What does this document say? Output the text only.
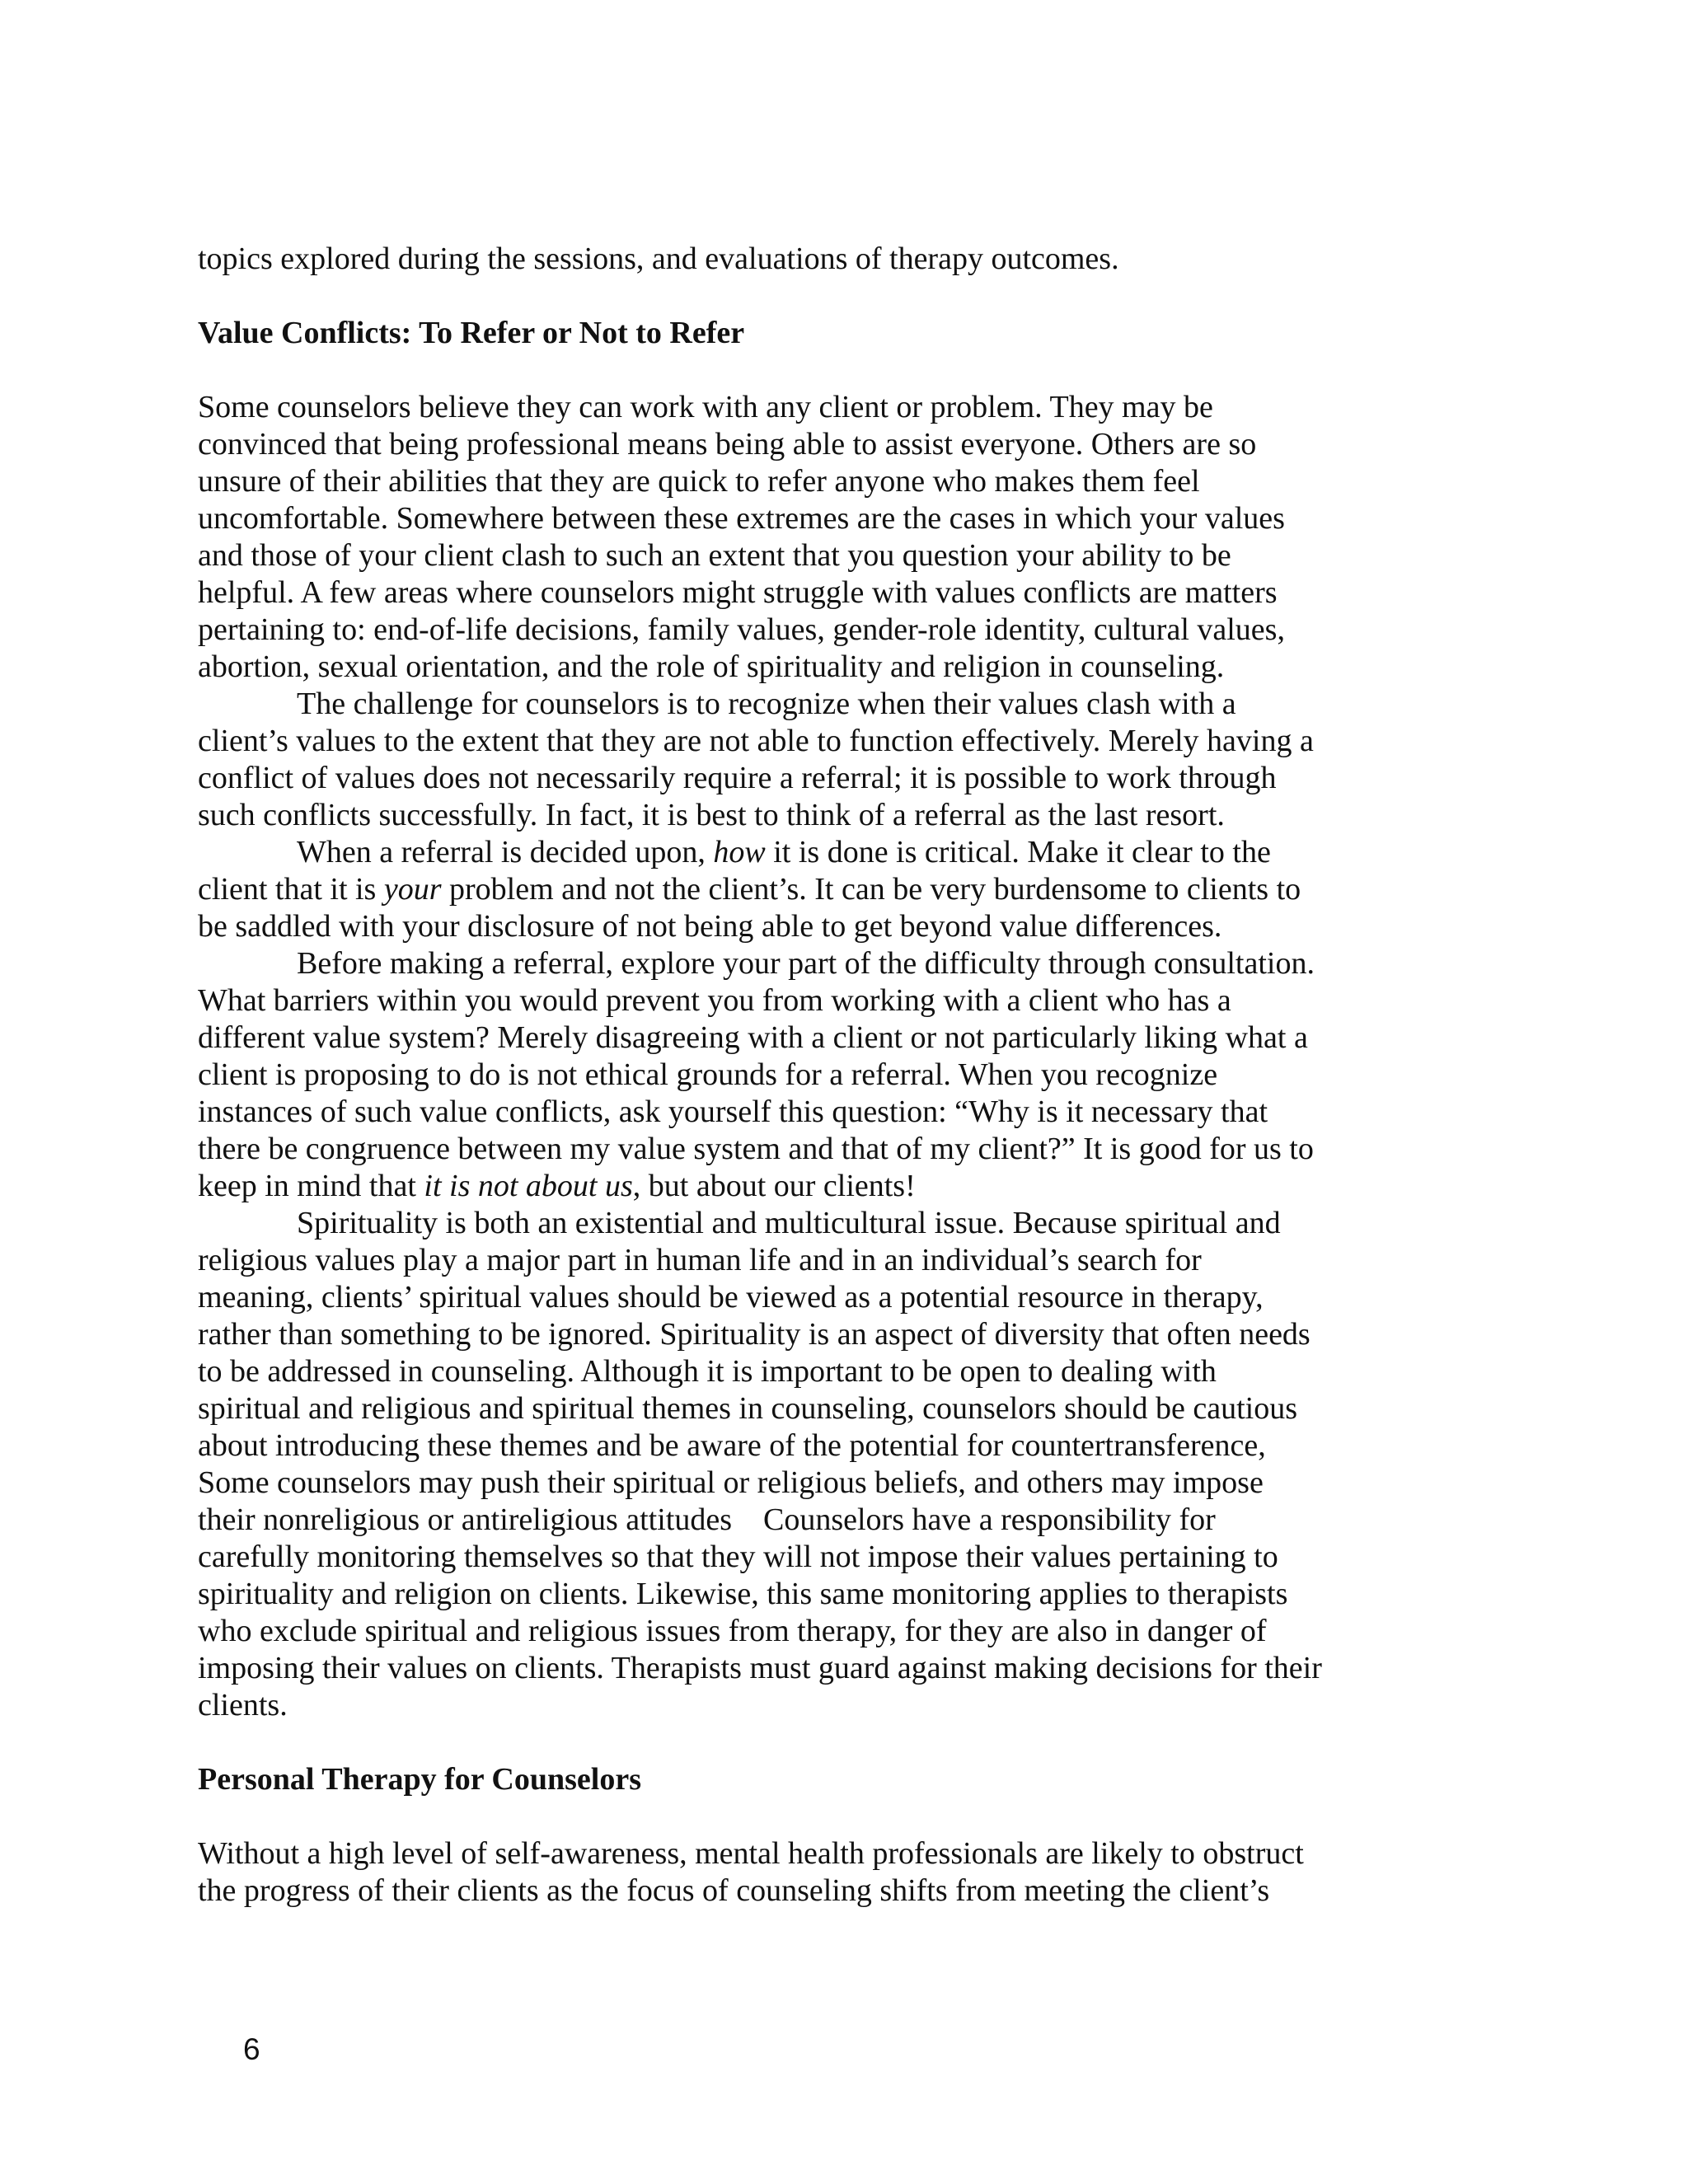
topics explored during the sessions, and evaluations of therapy outcomes.
Value Conflicts: To Refer or Not to Refer
Some counselors believe they can work with any client or problem. They may be
convinced that being professional means being able to assist everyone. Others are so
unsure of their abilities that they are quick to refer anyone who makes them feel
uncomfortable. Somewhere between these extremes are the cases in which your values
and those of your client clash to such an extent that you question your ability to be
helpful. A few areas where counselors might struggle with values conflicts are matters
pertaining to: end-of-life decisions, family values, gender-role identity, cultural values,
abortion, sexual orientation, and the role of spirituality and religion in counseling.
The challenge for counselors is to recognize when their values clash with a
client’s values to the extent that they are not able to function effectively. Merely having a
conflict of values does not necessarily require a referral; it is possible to work through
such conflicts successfully. In fact, it is best to think of a referral as the last resort.
When a referral is decided upon, how it is done is critical. Make it clear to the
client that it is your problem and not the client’s. It can be very burdensome to clients to
be saddled with your disclosure of not being able to get beyond value differences.
Before making a referral, explore your part of the difficulty through consultation.
What barriers within you would prevent you from working with a client who has a
different value system? Merely disagreeing with a client or not particularly liking what a
client is proposing to do is not ethical grounds for a referral. When you recognize
instances of such value conflicts, ask yourself this question: “Why is it necessary that
there be congruence between my value system and that of my client?” It is good for us to
keep in mind that it is not about us, but about our clients!
Spirituality is both an existential and multicultural issue. Because spiritual and
religious values play a major part in human life and in an individual’s search for
meaning, clients’ spiritual values should be viewed as a potential resource in therapy,
rather than something to be ignored. Spirituality is an aspect of diversity that often needs
to be addressed in counseling. Although it is important to be open to dealing with
spiritual and religious and spiritual themes in counseling, counselors should be cautious
about introducing these themes and be aware of the potential for countertransference,
Some counselors may push their spiritual or religious beliefs, and others may impose
their nonreligious or antireligious attitudes    Counselors have a responsibility for
carefully monitoring themselves so that they will not impose their values pertaining to
spirituality and religion on clients. Likewise, this same monitoring applies to therapists
who exclude spiritual and religious issues from therapy, for they are also in danger of
imposing their values on clients. Therapists must guard against making decisions for their
clients.
Personal Therapy for Counselors
Without a high level of self-awareness, mental health professionals are likely to obstruct
the progress of their clients as the focus of counseling shifts from meeting the client’s
6
